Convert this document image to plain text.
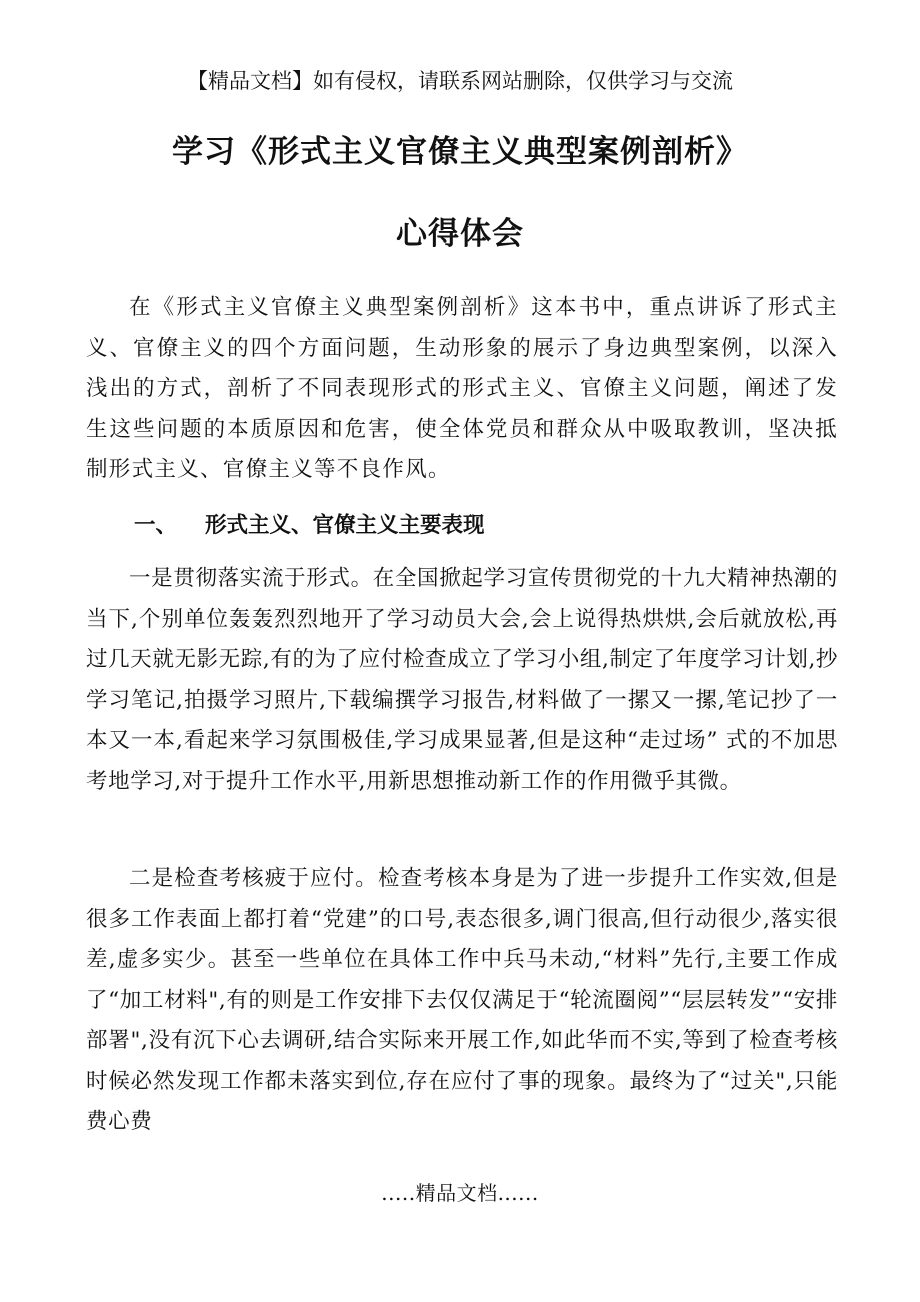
【精品文档】如有侵权，请联系网站删除，仅供学习与交流
学习《形式主义官僚主义典型案例剖析》
心得体会

在《形式主义官僚主义典型案例剖析》这本书中，重点讲诉了形式主义、官僚主义的四个方面问题，生动形象的展示了身边典型案例，以深入浅出的方式，剖析了不同表现形式的形式主义、官僚主义问题，阐述了发生这些问题的本质原因和危害，使全体党员和群众从中吸取教训，坚决抵制形式主义、官僚主义等不良作风。

一、 形式主义、官僚主义主要表现

一是贯彻落实流于形式。在全国掀起学习宣传贯彻党的十九大精神热潮的当下,个别单位轰轰烈烈地开了学习动员大会,会上说得热烘烘,会后就放松,再过几天就无影无踪,有的为了应付检查成立了学习小组,制定了年度学习计划,抄学习笔记,拍摄学习照片,下载编撰学习报告,材料做了一摞又一摞,笔记抄了一本又一本,看起来学习氛围极佳,学习成果显著,但是这种“走过场” 式的不加思考地学习,对于提升工作水平,用新思想推动新工作的作用微乎其微。

二是检查考核疲于应付。检查考核本身是为了进一步提升工作实效,但是很多工作表面上都打着“党建”的口号,表态很多,调门很高,但行动很少,落实很差,虚多实少。甚至一些单位在具体工作中兵马未动,“材料”先行,主要工作成了“加工材料",有的则是工作安排下去仅仅满足于“轮流圈阅”“层层转发”“安排部署",没有沉下心去调研,结合实际来开展工作,如此华而不实,等到了检查考核时候必然发现工作都未落实到位,存在应付了事的现象。最终为了“过关",只能费心费

.....精品文档......
